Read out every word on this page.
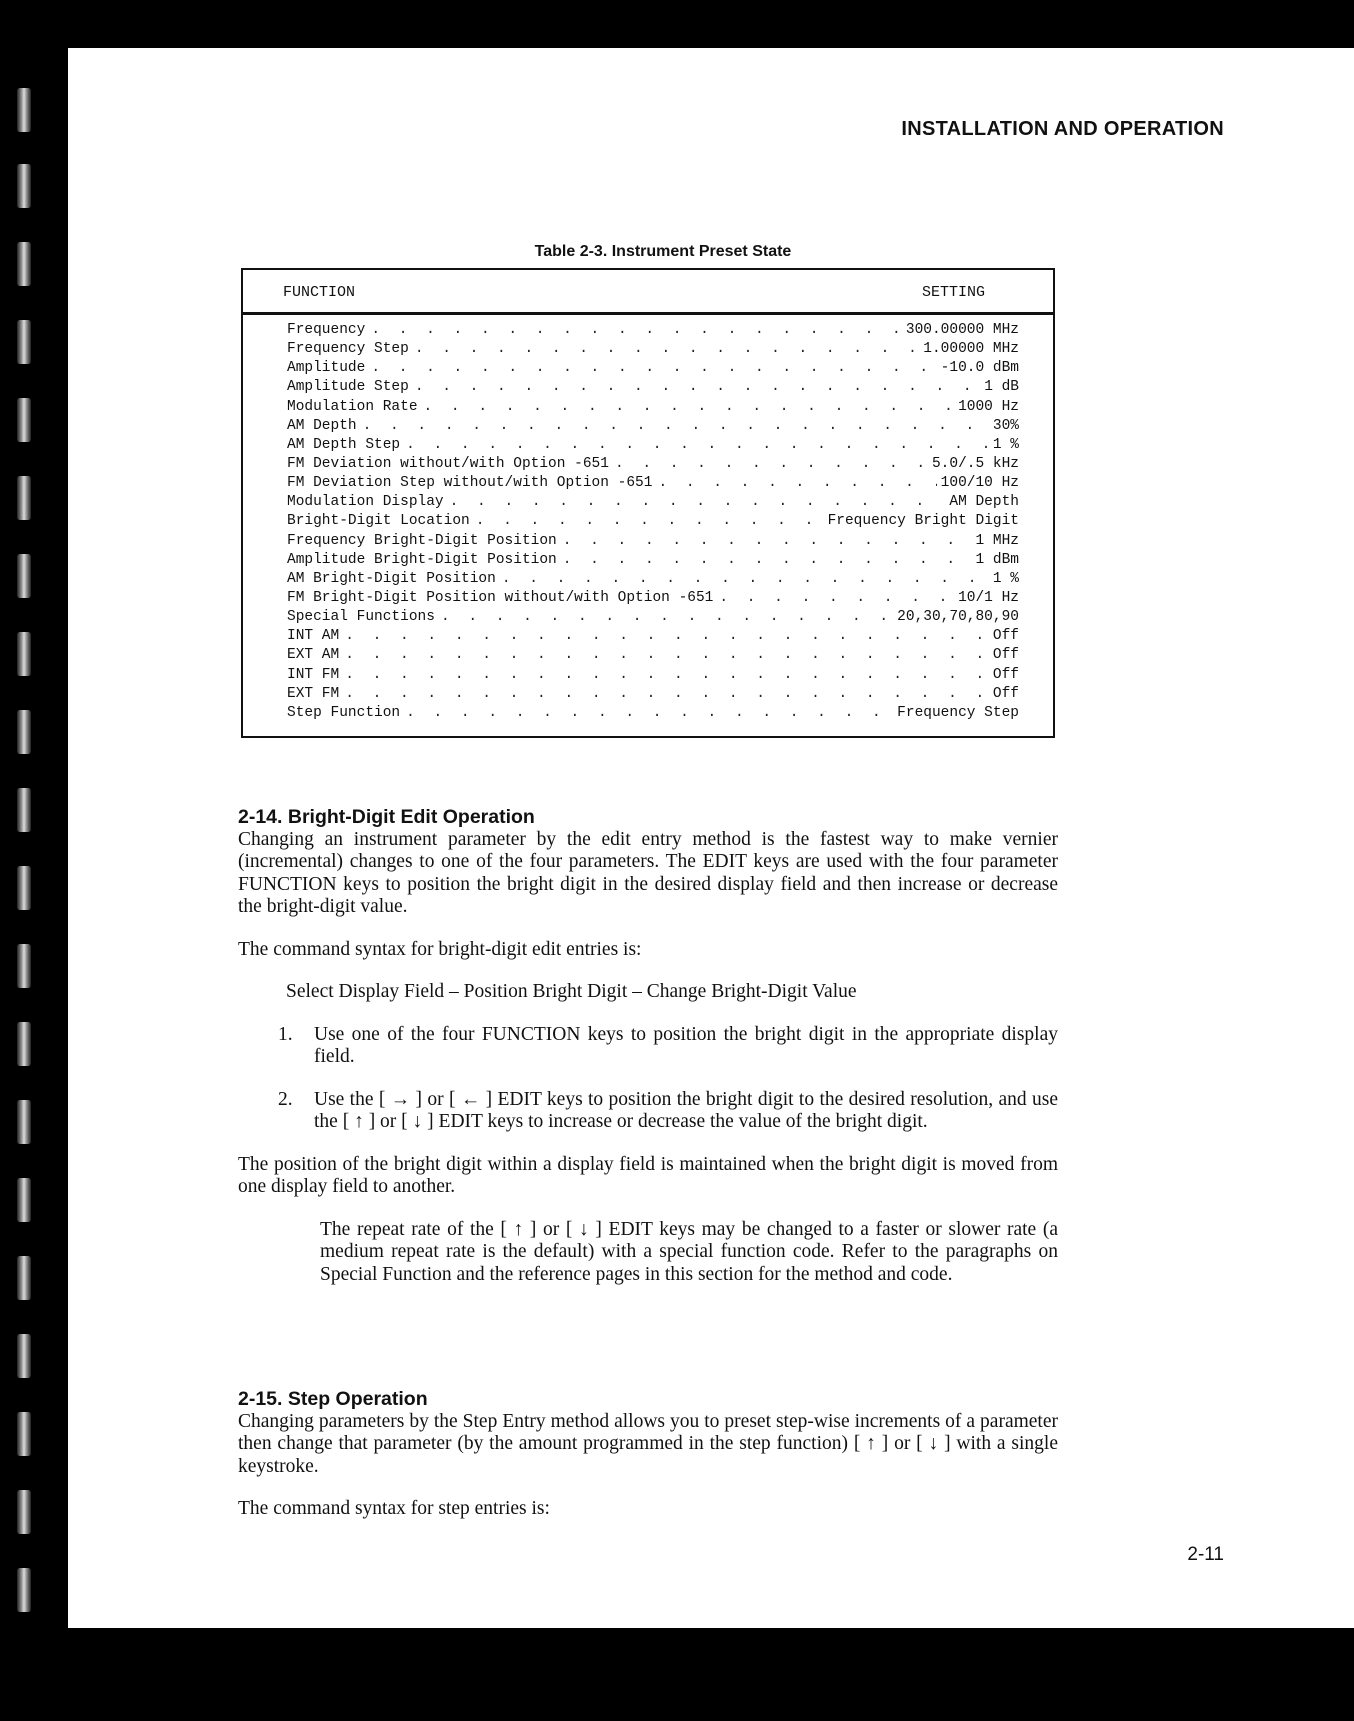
INSTALLATION AND OPERATION
Table 2-3. Instrument Preset State
FUNCTION	SETTING
Frequency . . .	300.00000 MHz
Frequency Step . . .	1.00000 MHz
Amplitude . . .	-10.0 dBm
Amplitude Step . . .	1 dB
Modulation Rate . . .	1000 Hz
AM Depth . . .	30%
AM Depth Step . . .	1 %
FM Deviation without/with Option -651 . . .	5.0/.5 kHz
FM Deviation Step without/with Option -651 . . .	100/10 Hz
Modulation Display . . .	AM Depth
Bright-Digit Location . . .	Frequency Bright Digit
Frequency Bright-Digit Position . . .	1 MHz
Amplitude Bright-Digit Position . . .	1 dBm
AM Bright-Digit Position . . .	1 %
FM Bright-Digit Position without/with Option -651 . . .	10/1 Hz
Special Functions . . .	20,30,70,80,90
INT AM . . .	Off
EXT AM . . .	Off
INT FM . . .	Off
EXT FM . . .	Off
Step Function . . .	Frequency Step
2-14. Bright-Digit Edit Operation

Changing an instrument parameter by the edit entry method is the fastest way to make vernier (incremental) changes to one of the four parameters. The EDIT keys are used with the four parameter FUNCTION keys to position the bright digit in the desired display field and then increase or decrease the bright-digit value.

The command syntax for bright-digit edit entries is:

Select Display Field – Position Bright Digit – Change Bright-Digit Value

1.	Use one of the four FUNCTION keys to position the bright digit in the appropriate display field.
2.	Use the [ → ] or [ ← ] EDIT keys to position the bright digit to the desired resolution, and use the [ ↑ ] or [ ↓ ] EDIT keys to increase or decrease the value of the bright digit.

The position of the bright digit within a display field is maintained when the bright digit is moved from one display field to another.

The repeat rate of the [ ↑ ] or [ ↓ ] EDIT keys may be changed to a faster or slower rate (a medium repeat rate is the default) with a special function code. Refer to the paragraphs on Special Function and the reference pages in this section for the method and code.

2-15. Step Operation

Changing parameters by the Step Entry method allows you to preset step-wise increments of a parameter then change that parameter (by the amount programmed in the step function) [ ↑ ] or [ ↓ ] with a single keystroke.

The command syntax for step entries is:

2-11
